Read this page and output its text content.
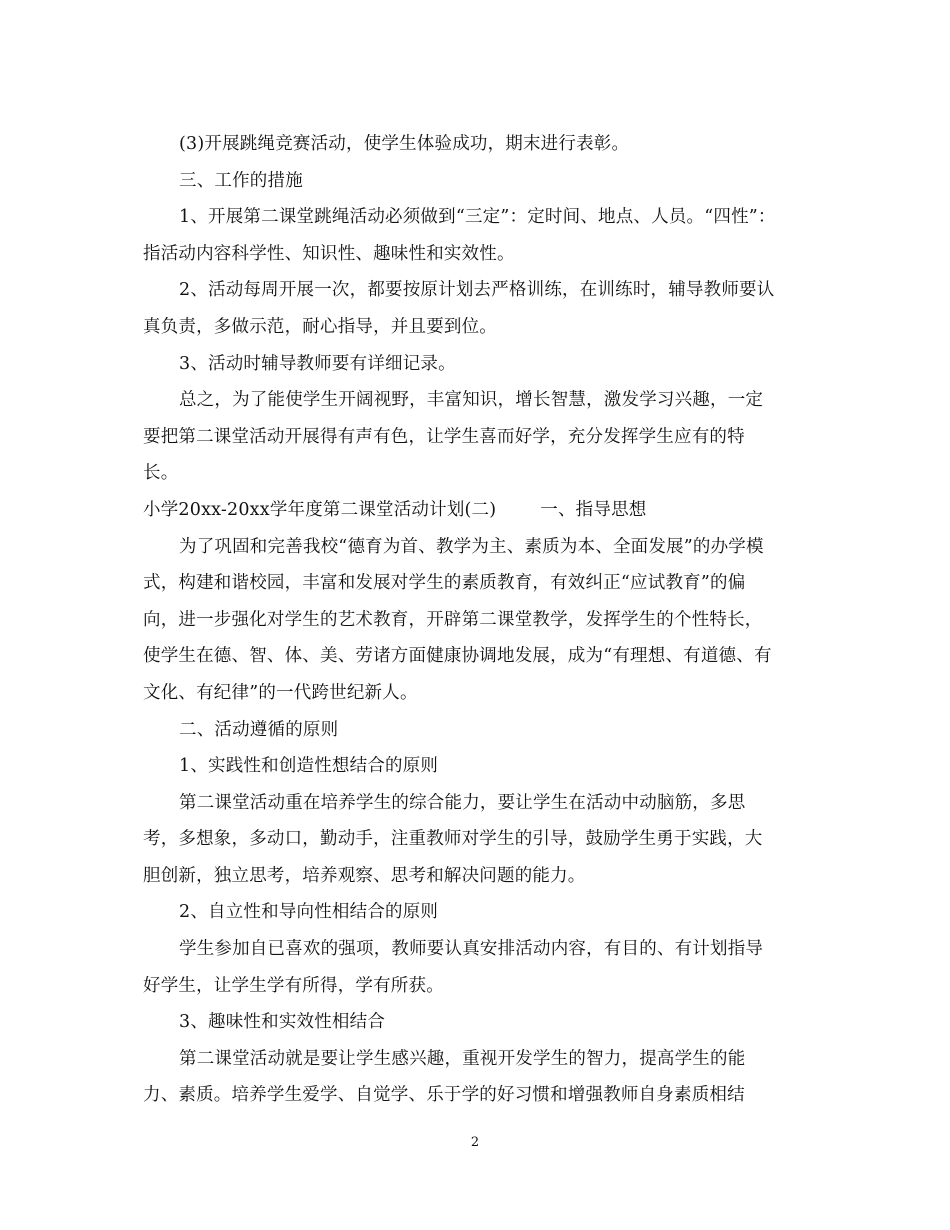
(3)开展跳绳竞赛活动，使学生体验成功，期末进行表彰。
三、工作的措施
1、开展第二课堂跳绳活动必须做到“三定”：定时间、地点、人员。“四性”：
指活动内容科学性、知识性、趣味性和实效性。
2、活动每周开展一次，都要按原计划去严格训练，在训练时，辅导教师要认
真负责，多做示范，耐心指导，并且要到位。
3、活动时辅导教师要有详细记录。
总之，为了能使学生开阔视野，丰富知识，增长智慧，激发学习兴趣，一定
要把第二课堂活动开展得有声有色，让学生喜而好学，充分发挥学生应有的特
长。
小学20xx-20xx学年度第二课堂活动计划(二)	一、指导思想
为了巩固和完善我校“德育为首、教学为主、素质为本、全面发展”的办学模
式，构建和谐校园，丰富和发展对学生的素质教育，有效纠正“应试教育”的偏
向，进一步强化对学生的艺术教育，开辟第二课堂教学，发挥学生的个性特长，
使学生在德、智、体、美、劳诸方面健康协调地发展，成为“有理想、有道德、有
文化、有纪律”的一代跨世纪新人。
二、活动遵循的原则
1、实践性和创造性想结合的原则
第二课堂活动重在培养学生的综合能力，要让学生在活动中动脑筋，多思
考，多想象，多动口，勤动手，注重教师对学生的引导，鼓励学生勇于实践，大
胆创新，独立思考，培养观察、思考和解决问题的能力。
2、自立性和导向性相结合的原则
学生参加自已喜欢的强项，教师要认真安排活动内容，有目的、有计划指导
好学生，让学生学有所得，学有所获。
3、趣味性和实效性相结合
第二课堂活动就是要让学生感兴趣，重视开发学生的智力，提高学生的能
力、素质。培养学生爱学、自觉学、乐于学的好习惯和增强教师自身素质相结
2
